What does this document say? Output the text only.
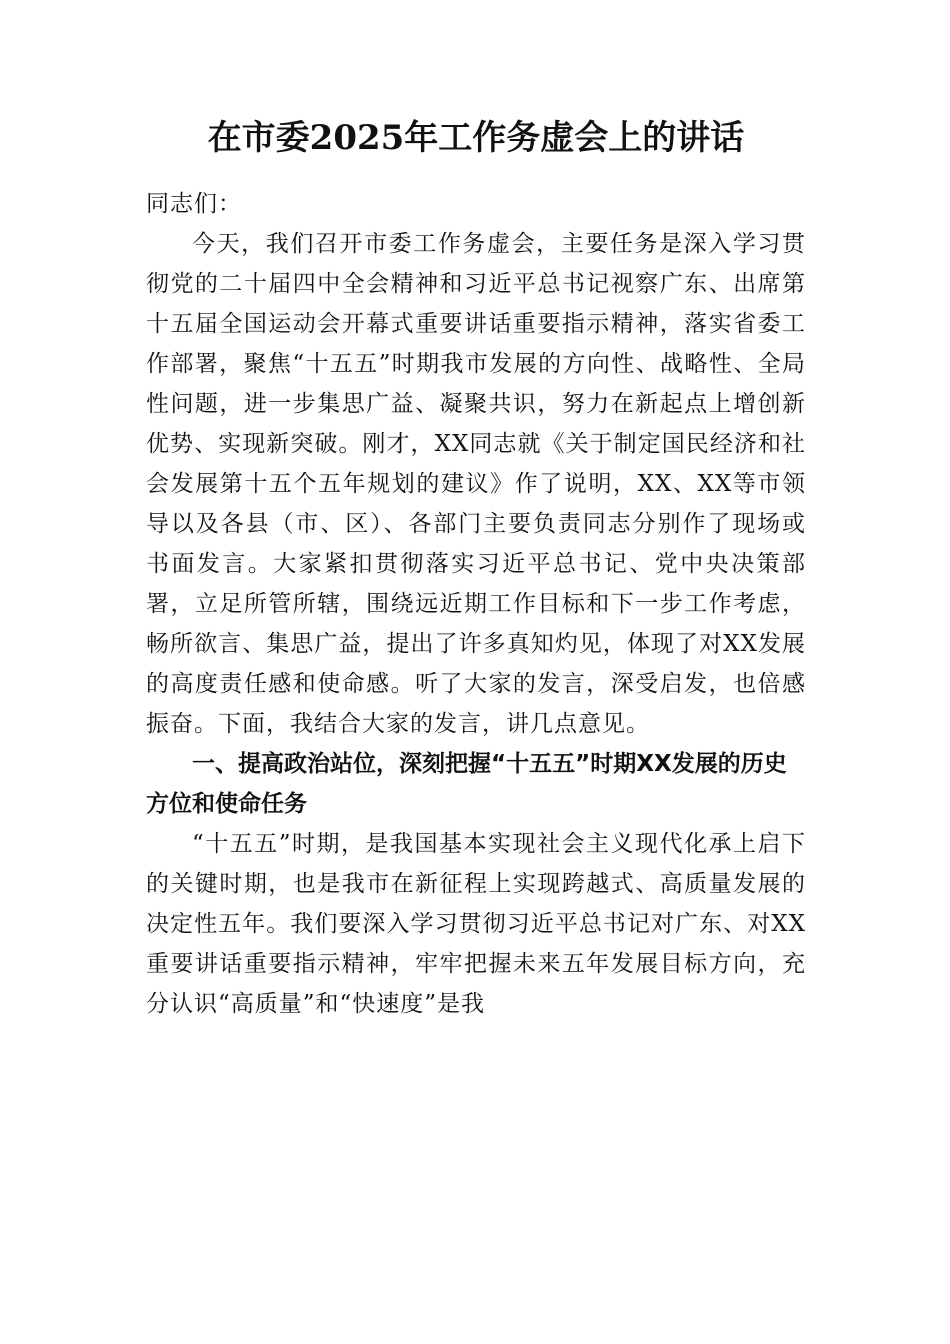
在市委2025年工作务虚会上的讲话

同志们：

今天，我们召开市委工作务虚会，主要任务是深入学习贯彻党的二十届四中全会精神和习近平总书记视察广东、出席第十五届全国运动会开幕式重要讲话重要指示精神，落实省委工作部署，聚焦“十五五”时期我市发展的方向性、战略性、全局性问题，进一步集思广益、凝聚共识，努力在新起点上增创新优势、实现新突破。刚才，XX同志就《关于制定国民经济和社会发展第十五个五年规划的建议》作了说明，XX、XX等市领导以及各县（市、区）、各部门主要负责同志分别作了现场或书面发言。大家紧扣贯彻落实习近平总书记、党中央决策部署，立足所管所辖，围绕远近期工作目标和下一步工作考虑，畅所欲言、集思广益，提出了许多真知灼见，体现了对XX发展的高度责任感和使命感。听了大家的发言，深受启发，也倍感振奋。下面，我结合大家的发言，讲几点意见。

一、提高政治站位，深刻把握“十五五”时期XX发展的历史方位和使命任务

“十五五”时期，是我国基本实现社会主义现代化承上启下的关键时期，也是我市在新征程上实现跨越式、高质量发展的决定性五年。我们要深入学习贯彻习近平总书记对广东、对XX重要讲话重要指示精神，牢牢把握未来五年发展目标方向，充分认识“高质量”和“快速度”是我
